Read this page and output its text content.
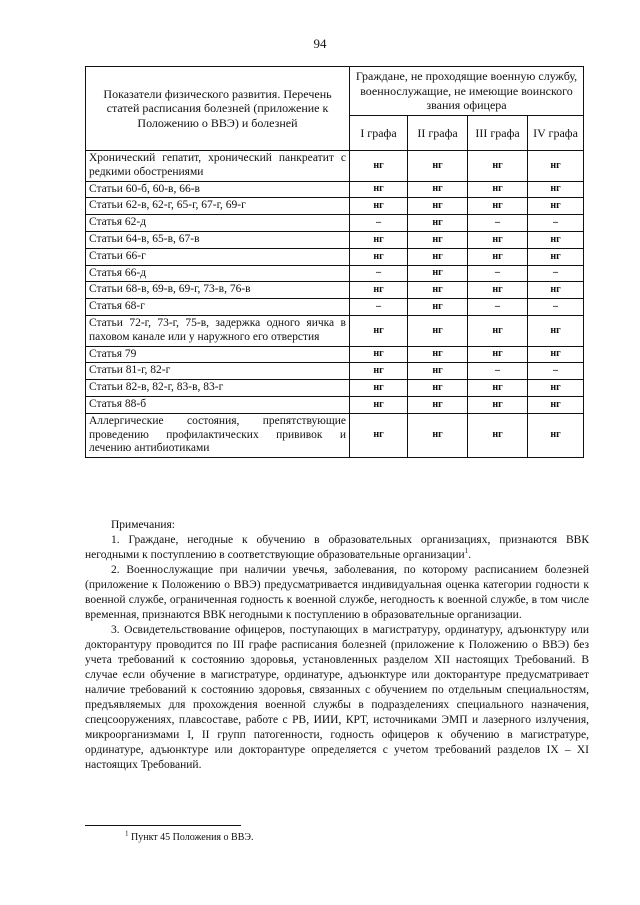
94
Показатели физического развития. Перечень статей расписания болезней (приложение к Положению о ВВЭ) и болезней	Граждане, не проходящие военную службу, военнослужащие, не имеющие воинского звания офицера			
	I графа	II графа	III графа	IV графа
Хронический гепатит, хронический панкреатит с редкими обострениями	нг	нг	нг	нг
Статьи 60-б, 60-в, 66-в	нг	нг	нг	нг
Статьи 62-в, 62-г, 65-г, 67-г, 69-г	нг	нг	нг	нг
Статья 62-д	–	нг	–	–
Статьи 64-в, 65-в, 67-в	нг	нг	нг	нг
Статьи 66-г	нг	нг	нг	нг
Статья 66-д	–	нг	–	–
Статьи 68-в, 69-в, 69-г, 73-в, 76-в	нг	нг	нг	нг
Статья 68-г	–	нг	–	–
Статьи 72-г, 73-г, 75-в, задержка одного яичка в паховом канале или у наружного его отверстия	нг	нг	нг	нг
Статья 79	нг	нг	нг	нг
Статьи 81-г, 82-г	нг	нг	–	–
Статьи 82-в, 82-г, 83-в, 83-г	нг	нг	нг	нг
Статья 88-б	нг	нг	нг	нг
Аллергические состояния, препятствующие проведению профилактических прививок и лечению антибиотиками	нг	нг	нг	нг

Примечания:

1. Граждане, негодные к обучению в образовательных организациях, признаются ВВК негодными к поступлению в соответствующие образовательные организации$^1$.

2. Военнослужащие при наличии увечья, заболевания, по которому расписанием болезней (приложение к Положению о ВВЭ) предусматривается индивидуальная оценка категории годности к военной службе, ограниченная годность к военной службе, негодность к военной службе, в том числе временная, признаются ВВК негодными к поступлению в образовательные организации.

3. Освидетельствование офицеров, поступающих в магистратуру, ординатуру, адъюнктуру или докторантуру проводится по III графе расписания болезней (приложение к Положению о ВВЭ) без учета требований к состоянию здоровья, установленных разделом XII настоящих Требований. В случае если обучение в магистратуре, ординатуре, адъюнктуре или докторантуре предусматривает наличие требований к состоянию здоровья, связанных с обучением по отдельным специальностям, предъявляемых для прохождения военной службы в подразделениях специального назначения, спецсооружениях, плавсоставе, работе с РВ, ИИИ, КРТ, источниками ЭМП и лазерного излучения, микроорганизмами I, II групп патогенности, годность офицеров к обучению в магистратуре, ординатуре, адъюнктуре или докторантуре определяется с учетом требований разделов IX – XI настоящих Требований.

$^1$ Пункт 45 Положения о ВВЭ.
